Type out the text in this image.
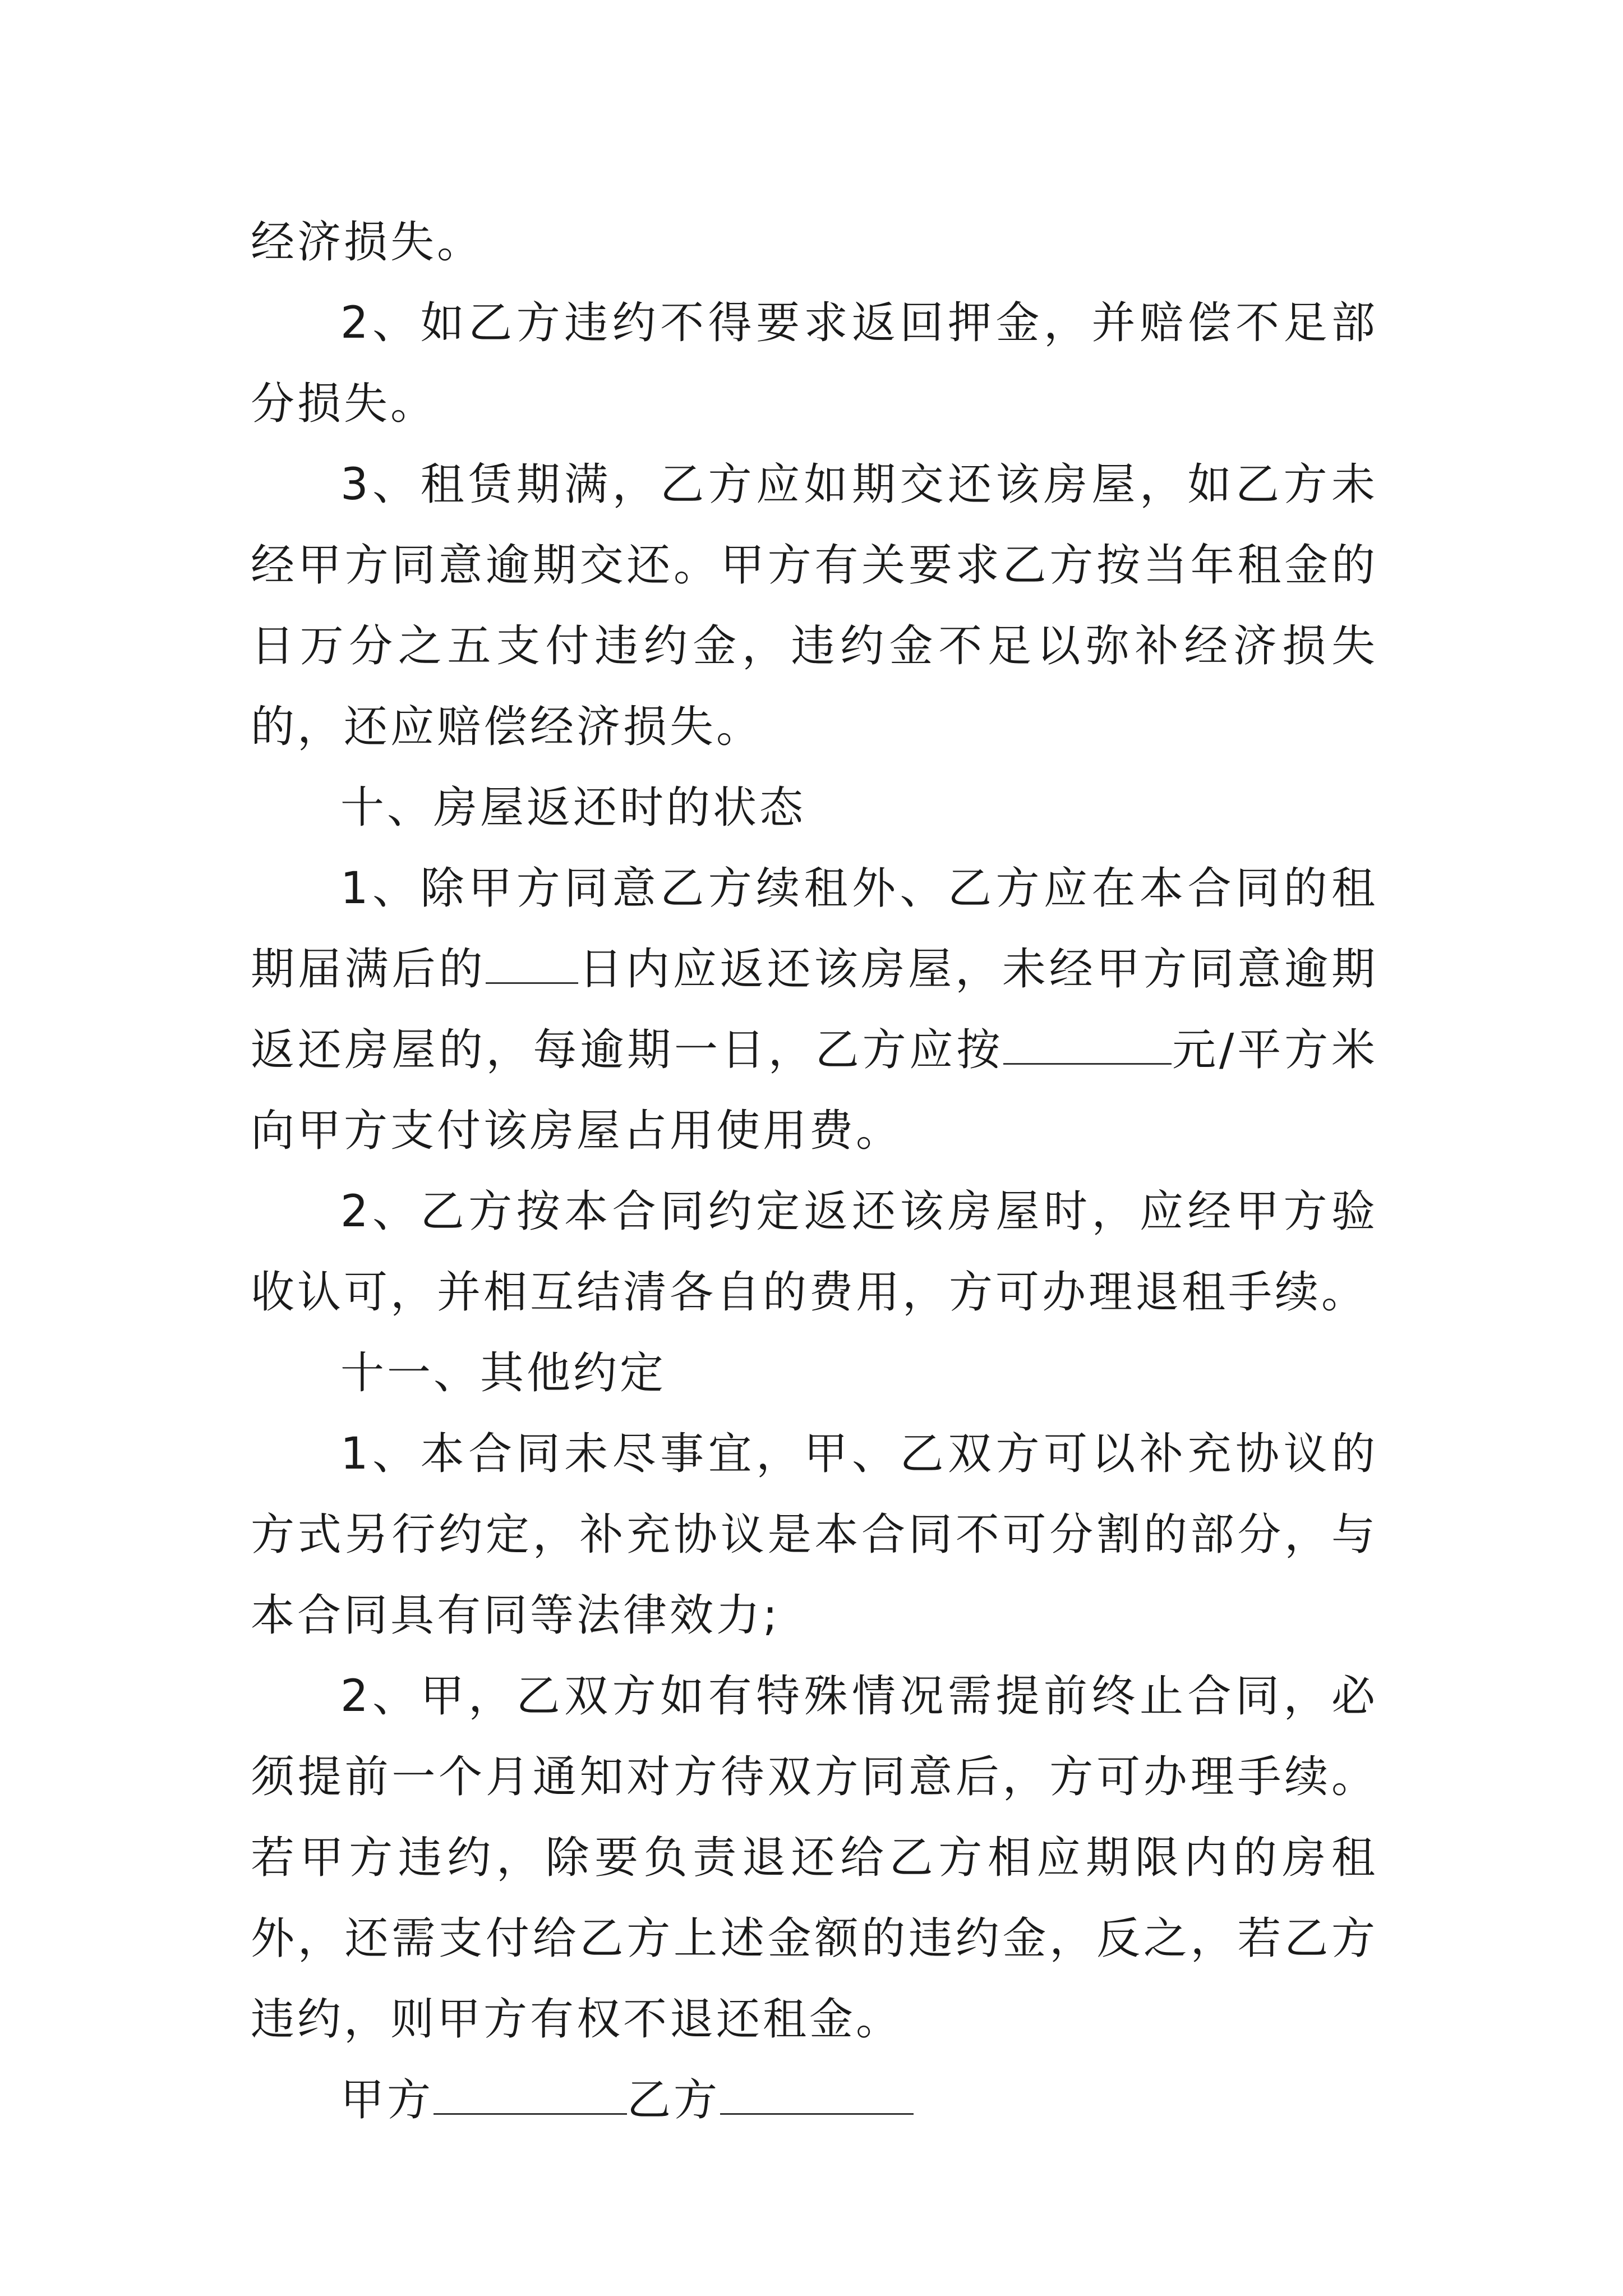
经济损失。

2、如乙方违约不得要求返回押金，并赔偿不足部分损失。

3、租赁期满，乙方应如期交还该房屋，如乙方未经甲方同意逾期交还。甲方有关要求乙方按当年租金的日万分之五支付违约金，违约金不足以弥补经济损失的，还应赔偿经济损失。

十、房屋返还时的状态

1、除甲方同意乙方续租外、乙方应在本合同的租期届满后的 日内应返还该房屋，未经甲方同意逾期返还房屋的，每逾期一日，乙方应按	元/平方米向甲方支付该房屋占用使用费。

2、乙方按本合同约定返还该房屋时，应经甲方验收认可，并相互结清各自的费用，方可办理退租手续。

十一、其他约定

1、本合同未尽事宜，甲、乙双方可以补充协议的方式另行约定，补充协议是本合同不可分割的部分，与本合同具有同等法律效力;

2、甲，乙双方如有特殊情况需提前终止合同，必须提前一个月通知对方待双方同意后，方可办理手续。若甲方违约，除要负责退还给乙方相应期限内的房租外，还需支付给乙方上述金额的违约金，反之，若乙方违约，则甲方有权不退还租金。

甲方	乙方
